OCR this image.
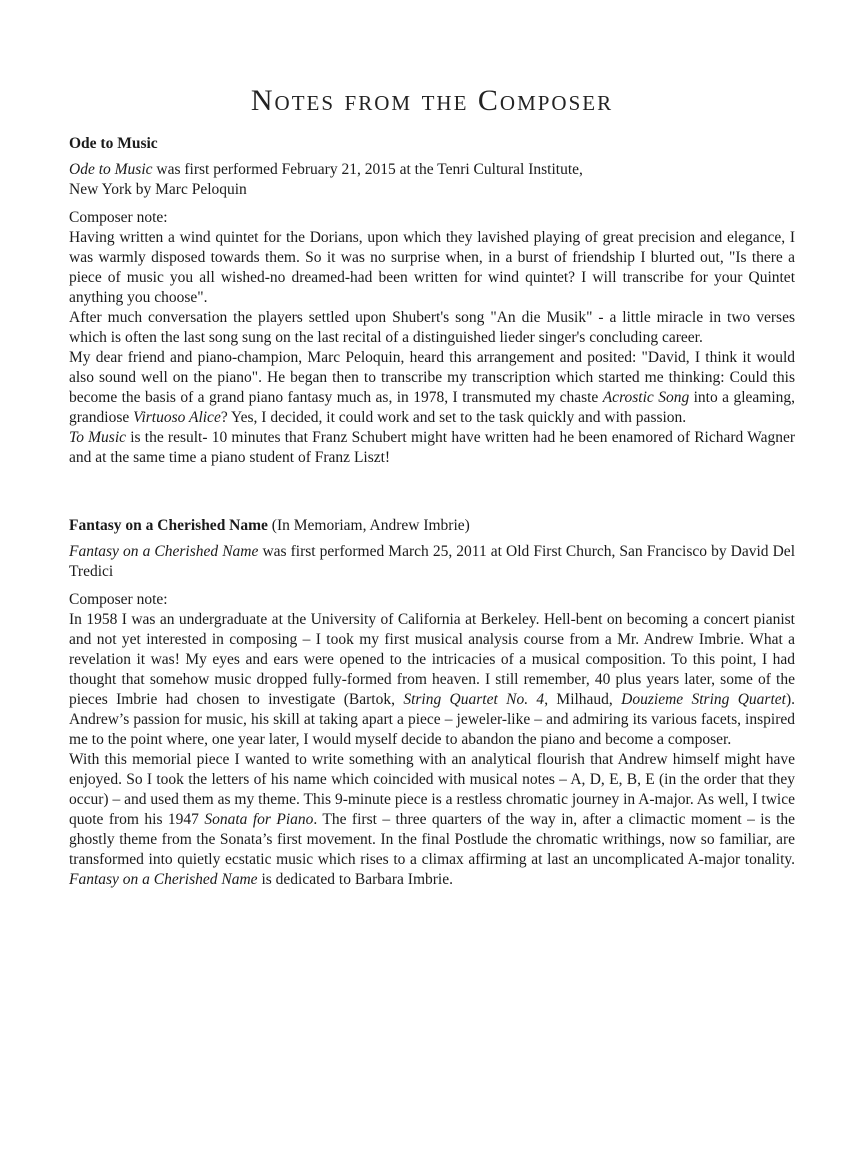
Notes from the Composer
Ode to Music

Ode to Music was first performed February 21, 2015 at the Tenri Cultural Institute,
New York by Marc Peloquin

Composer note:

Having written a wind quintet for the Dorians, upon which they lavished playing of great precision and elegance, I was warmly disposed towards them. So it was no surprise when, in a burst of friendship I blurted out, "Is there a piece of music you all wished-no dreamed-had been written for wind quintet? I will transcribe for your Quintet anything you choose".

After much conversation the players settled upon Shubert's song "An die Musik" - a little miracle in two verses which is often the last song sung on the last recital of a distinguished lieder singer's concluding career.

My dear friend and piano-champion, Marc Peloquin, heard this arrangement and posited: "David, I think it would also sound well on the piano". He began then to transcribe my transcription which started me thinking: Could this become the basis of a grand piano fantasy much as, in 1978, I transmuted my chaste Acrostic Song into a gleaming, grandiose Virtuoso Alice? Yes, I decided, it could work and set to the task quickly and with passion.

To Music is the result- 10 minutes that Franz Schubert might have written had he been enamored of Richard Wagner and at the same time a piano student of Franz Liszt!

Fantasy on a Cherished Name (In Memoriam, Andrew Imbrie)

Fantasy on a Cherished Name was first performed March 25, 2011 at Old First Church, San Francisco by David Del Tredici

Composer note:

In 1958 I was an undergraduate at the University of California at Berkeley. Hell-bent on becoming a concert pianist and not yet interested in composing – I took my first musical analysis course from a Mr. Andrew Imbrie. What a revelation it was! My eyes and ears were opened to the intricacies of a musical composition. To this point, I had thought that somehow music dropped fully-formed from heaven. I still remember, 40 plus years later, some of the pieces Imbrie had chosen to investigate (Bartok, String Quartet No. 4, Milhaud, Douzieme String Quartet). Andrew’s passion for music, his skill at taking apart a piece – jeweler-like – and admiring its various facets, inspired me to the point where, one year later, I would myself decide to abandon the piano and become a composer.

With this memorial piece I wanted to write something with an analytical flourish that Andrew himself might have enjoyed. So I took the letters of his name which coincided with musical notes – A, D, E, B, E (in the order that they occur) – and used them as my theme. This 9-minute piece is a restless chromatic journey in A-major. As well, I twice quote from his 1947 Sonata for Piano. The first – three quarters of the way in, after a climactic moment – is the ghostly theme from the Sonata’s first movement. In the final Postlude the chromatic writhings, now so familiar, are transformed into quietly ecstatic music which rises to a climax affirming at last an uncomplicated A-major tonality. Fantasy on a Cherished Name is dedicated to Barbara Imbrie.
